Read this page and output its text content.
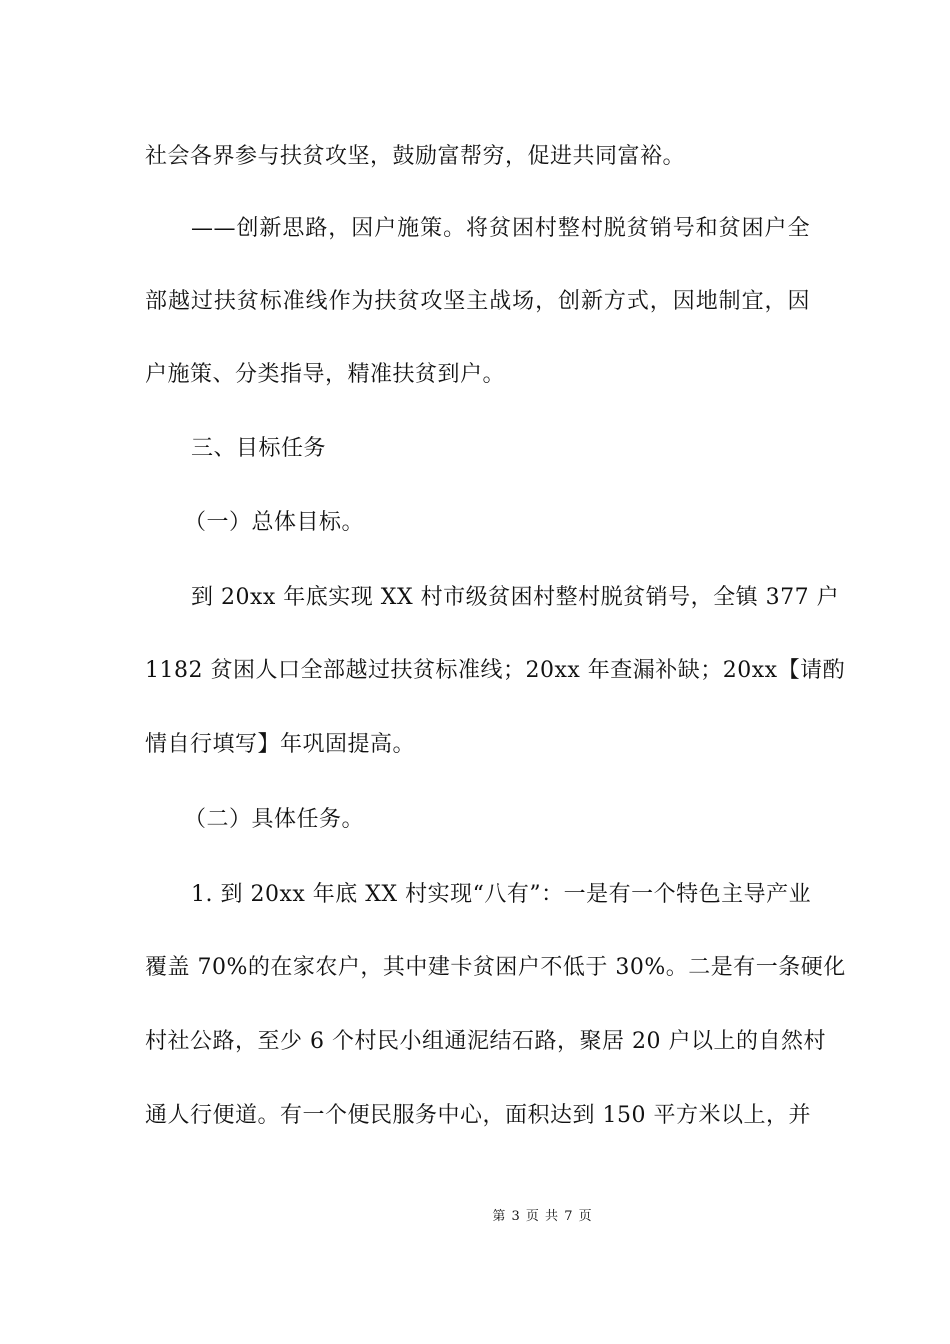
社会各界参与扶贫攻坚，鼓励富帮穷，促进共同富裕。
——创新思路，因户施策。将贫困村整村脱贫销号和贫困户全
部越过扶贫标准线作为扶贫攻坚主战场，创新方式，因地制宜，因
户施策、分类指导，精准扶贫到户。
三、目标任务
（一）总体目标。
到 20xx 年底实现 XX 村市级贫困村整村脱贫销号，全镇 377 户
1182 贫困人口全部越过扶贫标准线；20xx 年查漏补缺；20xx【请酌
情自行填写】年巩固提高。
（二）具体任务。
1. 到 20xx 年底 XX 村实现“八有”：一是有一个特色主导产业
覆盖 70%的在家农户，其中建卡贫困户不低于 30%。二是有一条硬化
村社公路，至少 6 个村民小组通泥结石路，聚居 20 户以上的自然村
通人行便道。有一个便民服务中心，面积达到 150 平方米以上，并
第 3 页 共 7 页
